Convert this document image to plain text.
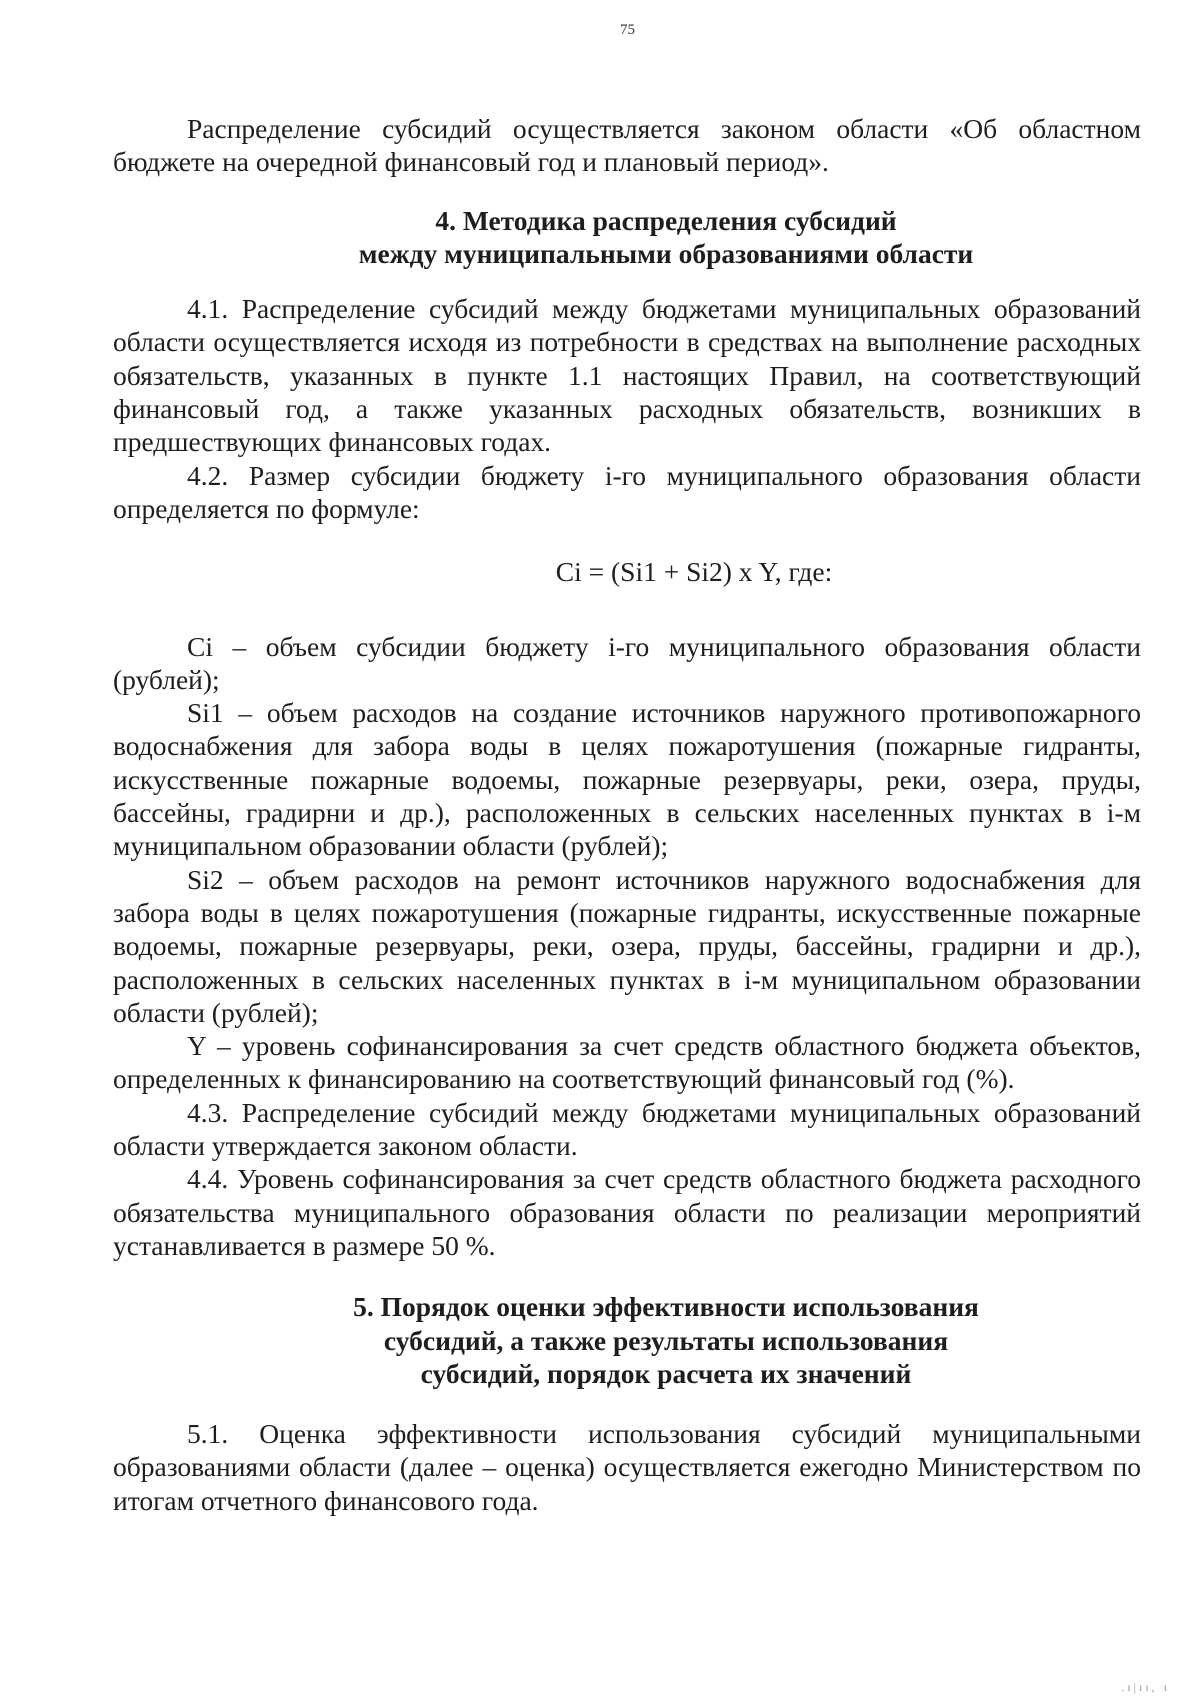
75

Распределение субсидий осуществляется законом области «Об областном бюджете на очередной финансовый год и плановый период».

4. Методика распределения субсидий
между муниципальными образованиями области

4.1. Распределение субсидий между бюджетами муниципальных образований области осуществляется исходя из потребности в средствах на выполнение расходных обязательств, указанных в пункте 1.1 настоящих Правил, на соответствующий финансовый год, а также указанных расходных обязательств, возникших в предшествующих финансовых годах.

4.2. Размер субсидии бюджету i-го муниципального образования области определяется по формуле:

Ci = (Si1 + Si2) x Y, где:

Ci – объем субсидии бюджету i-го муниципального образования области (рублей);

Si1 – объем расходов на создание источников наружного противопожарного водоснабжения для забора воды в целях пожаротушения (пожарные гидранты, искусственные пожарные водоемы, пожарные резервуары, реки, озера, пруды, бассейны, градирни и др.), расположенных в сельских населенных пунктах в i-м муниципальном образовании области (рублей);

Si2 – объем расходов на ремонт источников наружного водоснабжения для забора воды в целях пожаротушения (пожарные гидранты, искусственные пожарные водоемы, пожарные резервуары, реки, озера, пруды, бассейны, градирни и др.), расположенных в сельских населенных пунктах в i-м муниципальном образовании области (рублей);

Y – уровень софинансирования за счет средств областного бюджета объектов, определенных к финансированию на соответствующий финансовый год (%).

4.3. Распределение субсидий между бюджетами муниципальных образований области утверждается законом области.

4.4. Уровень софинансирования за счет средств областного бюджета расходного обязательства муниципального образования области по реализации мероприятий устанавливается в размере 50 %.

5. Порядок оценки эффективности использования
субсидий, а также результаты использования
субсидий, порядок расчета их значений

5.1. Оценка эффективности использования субсидий муниципальными образованиями области (далее – оценка) осуществляется ежегодно Министерством по итогам отчетного финансового года.

.ı|ıı, ı
